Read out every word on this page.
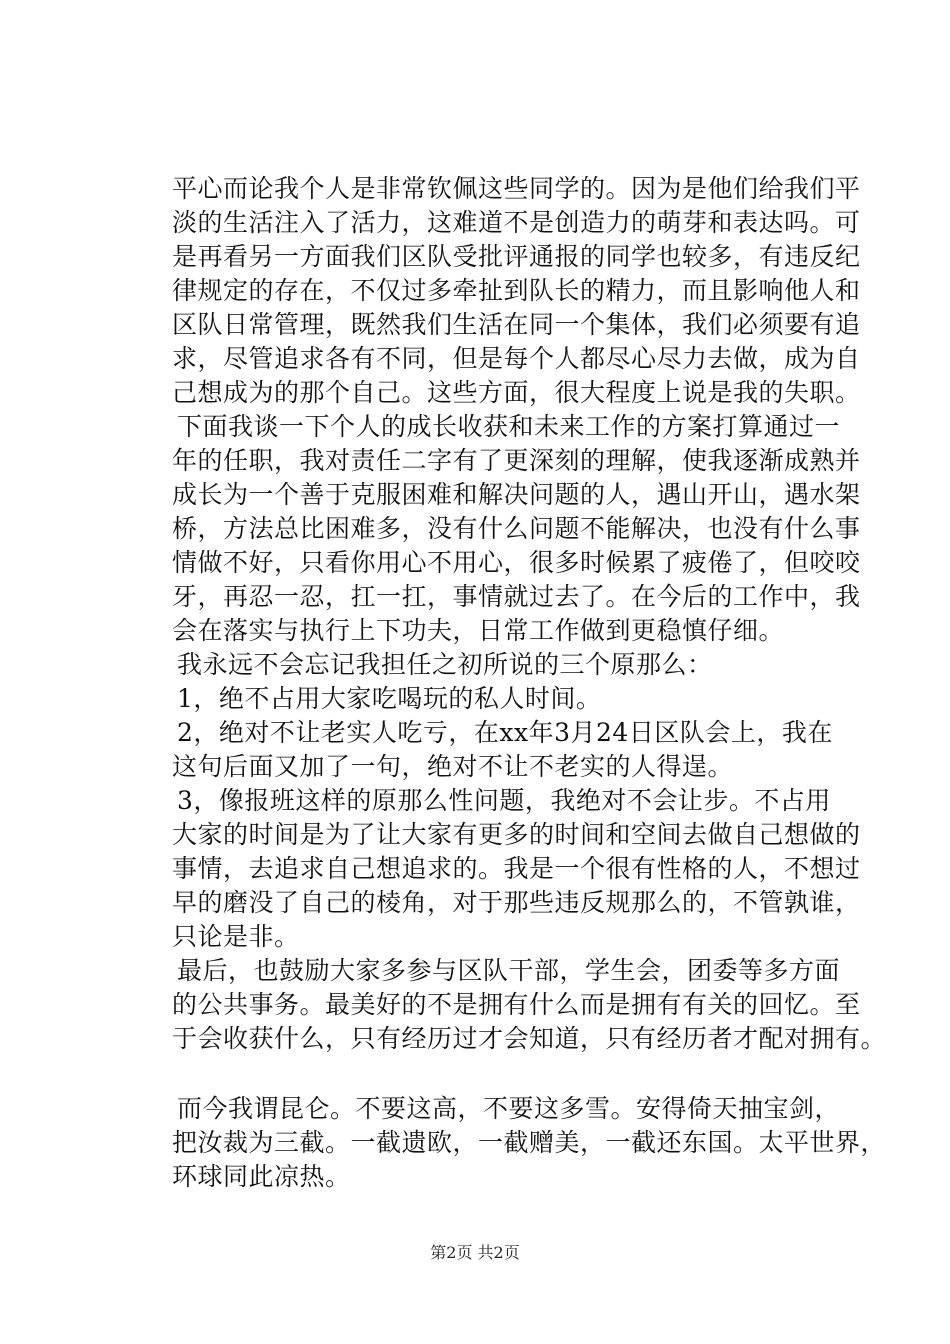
平心而论我个人是非常钦佩这些同学的。因为是他们给我们平
淡的生活注入了活力，这难道不是创造力的萌芽和表达吗。可
是再看另一方面我们区队受批评通报的同学也较多，有违反纪
律规定的存在，不仅过多牵扯到队长的精力，而且影响他人和
区队日常管理，既然我们生活在同一个集体，我们必须要有追
求，尽管追求各有不同，但是每个人都尽心尽力去做，成为自
己想成为的那个自己。这些方面，很大程度上说是我的失职。
下面我谈一下个人的成长收获和未来工作的方案打算通过一
年的任职，我对责任二字有了更深刻的理解，使我逐渐成熟并
成长为一个善于克服困难和解决问题的人，遇山开山，遇水架
桥，方法总比困难多，没有什么问题不能解决，也没有什么事
情做不好，只看你用心不用心，很多时候累了疲倦了，但咬咬
牙，再忍一忍，扛一扛，事情就过去了。在今后的工作中，我
会在落实与执行上下功夫，日常工作做到更稳慎仔细。
我永远不会忘记我担任之初所说的三个原那么：
1，绝不占用大家吃喝玩的私人时间。
2，绝对不让老实人吃亏，在xx年3月24日区队会上，我在
这句后面又加了一句，绝对不让不老实的人得逞。
3，像报班这样的原那么性问题，我绝对不会让步。不占用
大家的时间是为了让大家有更多的时间和空间去做自己想做的
事情，去追求自己想追求的。我是一个很有性格的人，不想过
早的磨没了自己的棱角，对于那些违反规那么的，不管孰谁，
只论是非。
最后，也鼓励大家多参与区队干部，学生会，团委等多方面
的公共事务。最美好的不是拥有什么而是拥有有关的回忆。至
于会收获什么，只有经历过才会知道，只有经历者才配对拥有。
而今我谓昆仑。不要这高，不要这多雪。安得倚天抽宝剑，
把汝裁为三截。一截遗欧，一截赠美，一截还东国。太平世界，
环球同此凉热。
第2页 共2页
